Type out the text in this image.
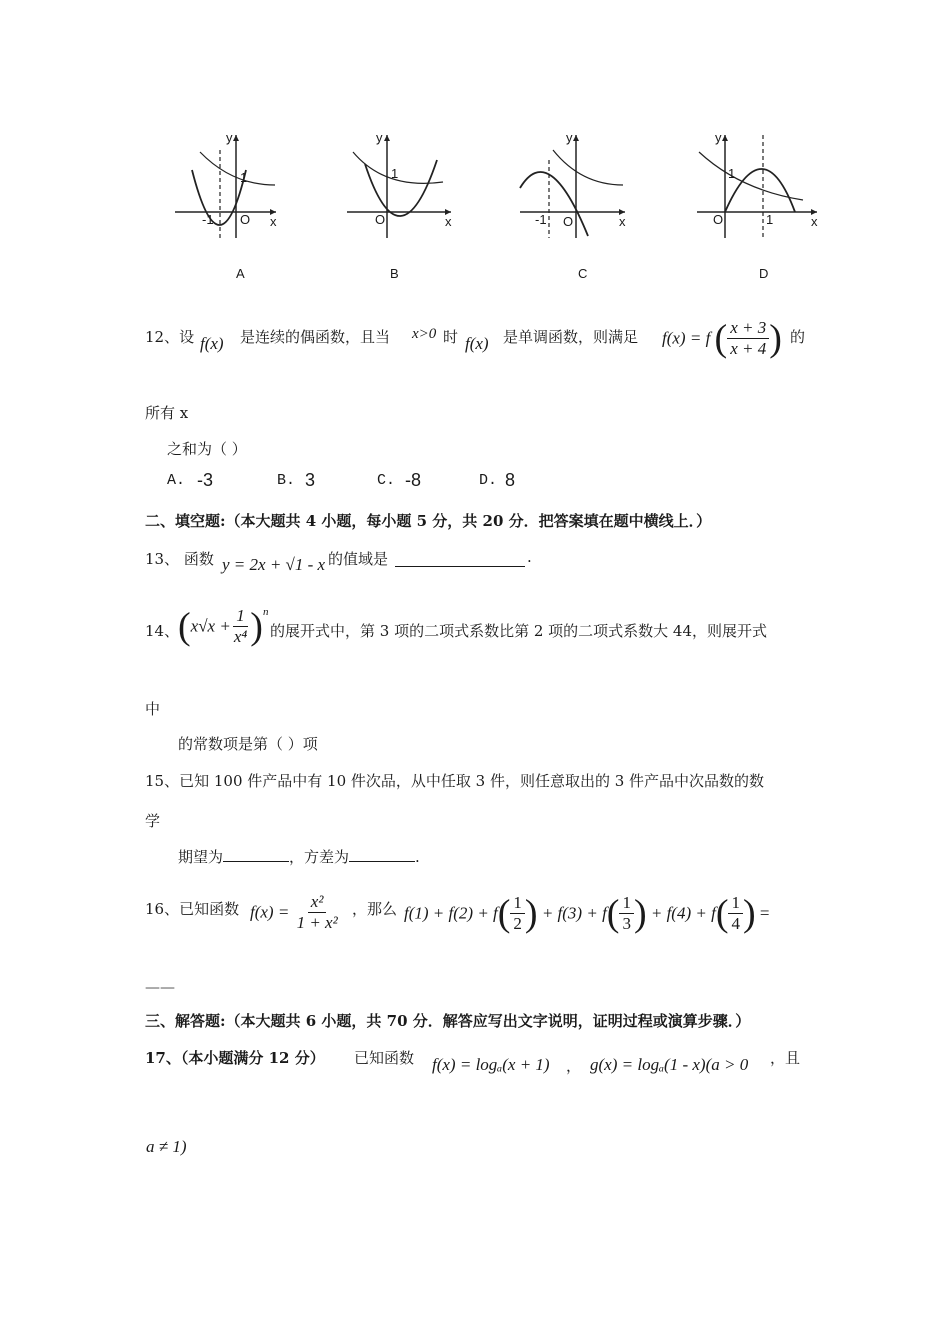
y
x
O
-1
1
A
y
x
O
1
B
y
x
O
-1
C
y
x
O
1
1
D
12、设 f(x) 是连续的偶函数，且当 x>0 时 f(x) 是单调函数，则满足 f(x) = f ( $\frac{x + 3}{x + 4}$ ) 的
所有 x
之和为（ ）
A. -3	B. 3	C. -8	D. 8
二、填空题:（本大题共 4 小题，每小题 5 分，共 20 分．把答案填在题中横线上．）
13、 函数 y = 2x + √1 - x 的值域是	.
14、
$(x√x + \frac{1}{\text{x⁴}} )^n$
的展开式中，第 3 项的二项式系数比第 2 项的二项式系数大 44，则展开式
中
的常数项是第（ ）项
15、已知 100 件产品中有 10 件次品，从中任取 3 件，则任意取出的 3 件产品中次品数的数
学
期望为	，方差为	.
16、已知函数 $f(x) = \frac{\text{x²}}{\text{1 + x²}}$ ，那么 $f(1) + f(2) + f( \frac{1}{2}$ ) + $f(3) + f( \frac{1}{3}$ ) + $f(4) + f( \frac{1}{4}$ ) =
——
三、解答题:（本大题共 6 小题，共 70 分．解答应写出文字说明，证明过程或演算步骤．）
17、（本小题满分 12 分） 已知函数 f(x) = logₐ(x + 1) ， g(x) = logₐ(1 - x)(a > 0 ，且
a ≠ 1)
